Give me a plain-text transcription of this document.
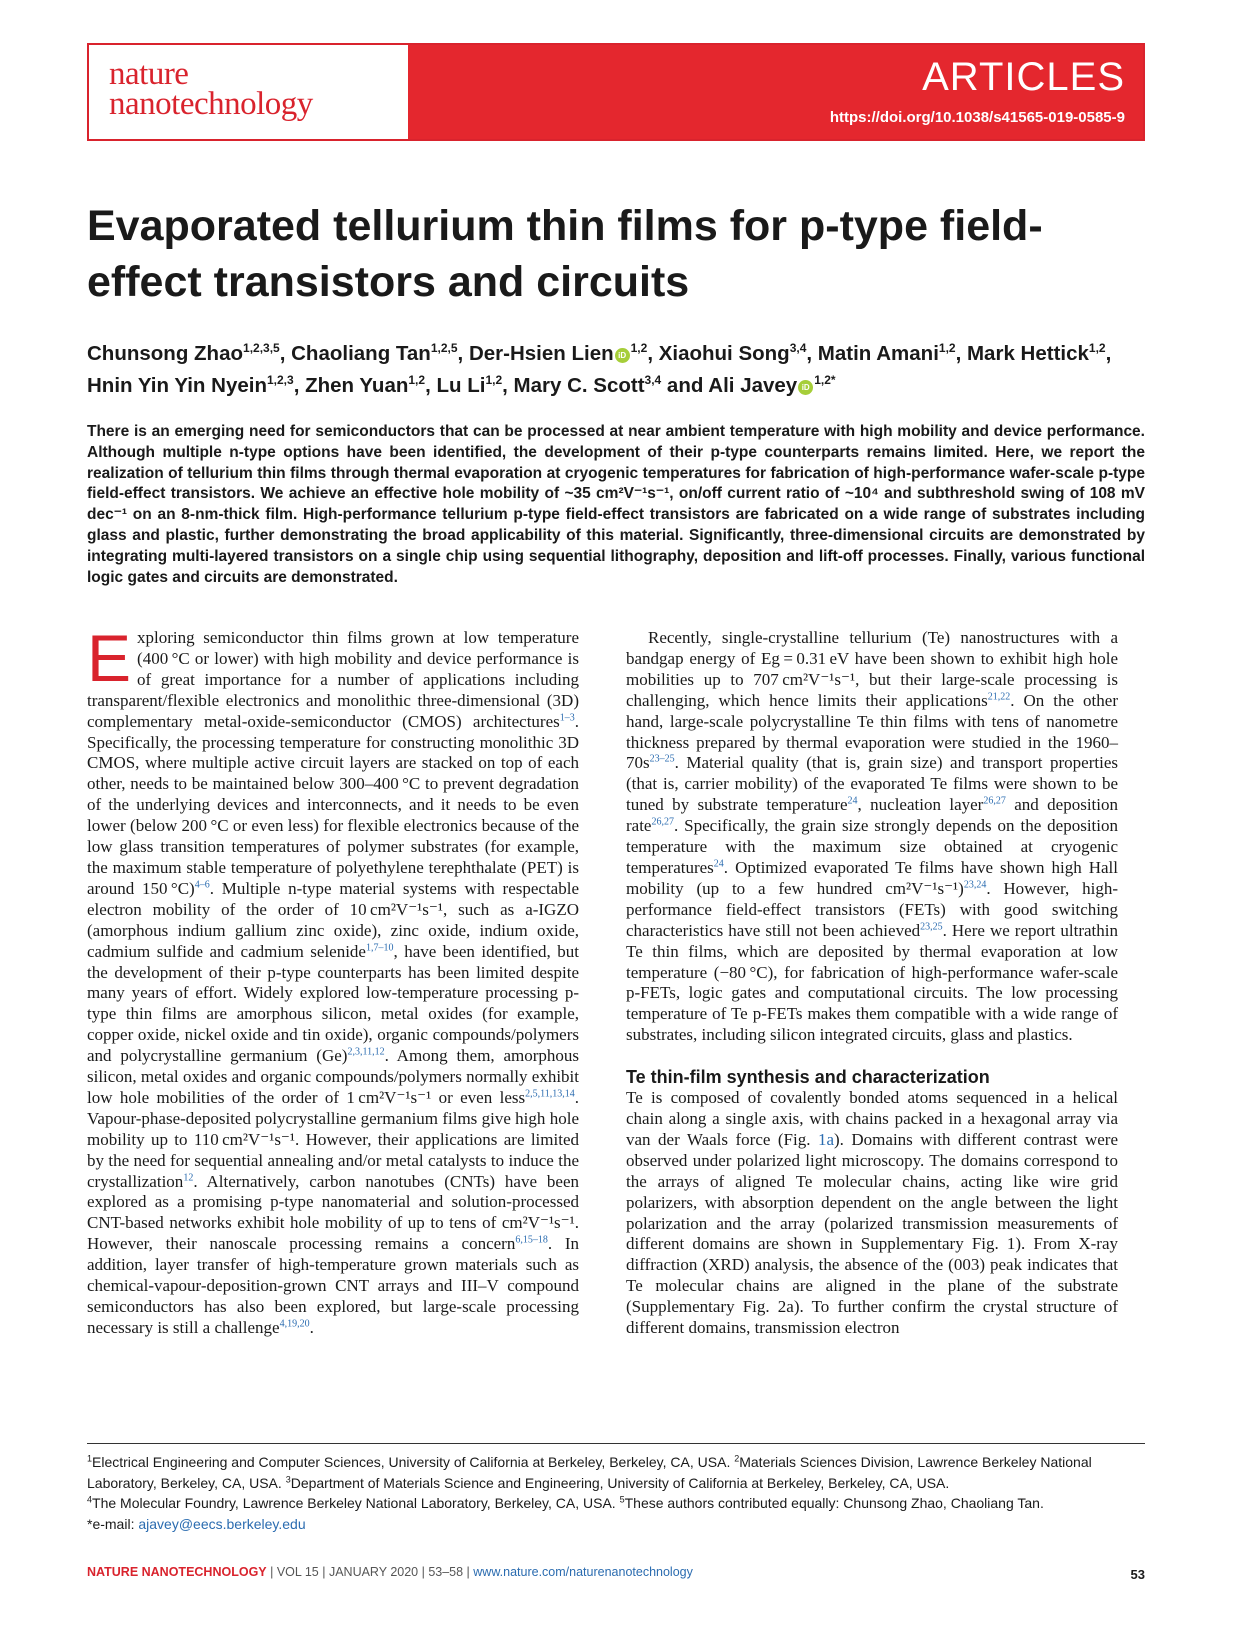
nature
nanotechnology
ARTICLES
https://doi.org/10.1038/s41565-019-0585-9
Evaporated tellurium thin films for p-type field-effect transistors and circuits
Chunsong Zhao$^{1,2,3,5}$, Chaoliang Tan$^{1,2,5}$, Der-Hsien Lien iD$^{1,2}$, Xiaohui Song$^{3,4}$, Matin Amani$^{1,2}$, Mark Hettick$^{1,2}$, Hnin Yin Yin Nyein$^{1,2,3}$, Zhen Yuan$^{1,2}$, Lu Li$^{1,2}$, Mary C. Scott$^{3,4}$ and Ali Javey $iD^{1,2*}$

There is an emerging need for semiconductors that can be processed at near ambient temperature with high mobility and device performance. Although multiple n-type options have been identified, the development of their p-type counterparts remains limited. Here, we report the realization of tellurium thin films through thermal evaporation at cryogenic temperatures for fabrication of high-performance wafer-scale p-type field-effect transistors. We achieve an effective hole mobility of ~35 cm²V⁻¹s⁻¹, on/off current ratio of ~10⁴ and subthreshold swing of 108 mV dec⁻¹ on an 8-nm-thick film. High-performance tellurium p-type field-effect transistors are fabricated on a wide range of substrates including glass and plastic, further demonstrating the broad applicability of this material. Significantly, three-dimensional circuits are demonstrated by integrating multi-layered transistors on a single chip using sequential lithography, deposition and lift-off processes. Finally, various functional logic gates and circuits are demonstrated.

Exploring semiconductor thin films grown at low temperature (400 °C or lower) with high mobility and device performance is of great importance for a number of applications including transparent/flexible electronics and monolithic three-dimensional (3D) complementary metal-oxide-semiconductor (CMOS) architectures$^{1-3}$. Specifically, the processing temperature for constructing monolithic 3D CMOS, where multiple active circuit layers are stacked on top of each other, needs to be maintained below 300–400 °C to prevent degradation of the underlying devices and interconnects, and it needs to be even lower (below 200 °C or even less) for flexible electronics because of the low glass transition temperatures of polymer substrates (for example, the maximum stable temperature of polyethylene terephthalate (PET) is around 150 °C)$^{4-6}$. Multiple n-type material systems with respectable electron mobility of the order of 10 cm²V⁻¹s⁻¹, such as a-IGZO (amorphous indium gallium zinc oxide), zinc oxide, indium oxide, cadmium sulfide and cadmium selenide$^{1,7-10}$, have been identified, but the development of their p-type counterparts has been limited despite many years of effort. Widely explored low-temperature processing p-type thin films are amorphous silicon, metal oxides (for example, copper oxide, nickel oxide and tin oxide), organic compounds/polymers and polycrystalline germanium (Ge)$^{2,3,11,12}$. Among them, amorphous silicon, metal oxides and organic compounds/polymers normally exhibit low hole mobilities of the order of 1 cm²V⁻¹s⁻¹ or even less$^{2,5,11,13,14}$. Vapour-phase-deposited polycrystalline germanium films give high hole mobility up to 110 cm²V⁻¹s⁻¹. However, their applications are limited by the need for sequential annealing and/or metal catalysts to induce the crystallization$^{12}$. Alternatively, carbon nanotubes (CNTs) have been explored as a promising p-type nanomaterial and solution-processed CNT-based networks exhibit hole mobility of up to tens of cm²V⁻¹s⁻¹. However, their nanoscale processing remains a concern$^{6,15-18}$. In addition, layer transfer of high-temperature grown materials such as chemical-vapour-deposition-grown CNT arrays and III–V compound semiconductors has also been explored, but large-scale processing necessary is still a challenge$^{4,19,20}$.

Recently, single-crystalline tellurium (Te) nanostructures with a bandgap energy of Eg = 0.31 eV have been shown to exhibit high hole mobilities up to 707 cm²V⁻¹s⁻¹, but their large-scale processing is challenging, which hence limits their applications$^{21,22}$. On the other hand, large-scale polycrystalline Te thin films with tens of nanometre thickness prepared by thermal evaporation were studied in the 1960–70s$^{23-25}$. Material quality (that is, grain size) and transport properties (that is, carrier mobility) of the evaporated Te films were shown to be tuned by substrate temperature$^{24}$, nucleation layer$^{26,27}$ and deposition rate$^{26,27}$. Specifically, the grain size strongly depends on the deposition temperature with the maximum size obtained at cryogenic temperatures$^{24}$. Optimized evaporated Te films have shown high Hall mobility (up to a few hundred cm²V⁻¹s⁻¹)$^{23,24}$. However, high-performance field-effect transistors (FETs) with good switching characteristics have still not been achieved$^{23,25}$. Here we report ultrathin Te thin films, which are deposited by thermal evaporation at low temperature (−80 °C), for fabrication of high-performance wafer-scale p-FETs, logic gates and computational circuits. The low processing temperature of Te p-FETs makes them compatible with a wide range of substrates, including silicon integrated circuits, glass and plastics.

Te thin-film synthesis and characterization

Te is composed of covalently bonded atoms sequenced in a helical chain along a single axis, with chains packed in a hexagonal array via van der Waals force (Fig. 1a). Domains with different contrast were observed under polarized light microscopy. The domains correspond to the arrays of aligned Te molecular chains, acting like wire grid polarizers, with absorption dependent on the angle between the light polarization and the array (polarized transmission measurements of different domains are shown in Supplementary Fig. 1). From X-ray diffraction (XRD) analysis, the absence of the (003) peak indicates that Te molecular chains are aligned in the plane of the substrate (Supplementary Fig. 2a). To further confirm the crystal structure of different domains, transmission electron

$^1$Electrical Engineering and Computer Sciences, University of California at Berkeley, Berkeley, CA, USA. $^2$Materials Sciences Division, Lawrence Berkeley National Laboratory, Berkeley, CA, USA. $^3$Department of Materials Science and Engineering, University of California at Berkeley, Berkeley, CA, USA.
$^4$The Molecular Foundry, Lawrence Berkeley National Laboratory, Berkeley, CA, USA. $^5$These authors contributed equally: Chunsong Zhao, Chaoliang Tan.
*e-mail: ajavey@eecs.berkeley.edu
NATURE NANOTECHNOLOGY | VOL 15 | JANUARY 2020 | 53–58 | www.nature.com/naturenanotechnology	53
